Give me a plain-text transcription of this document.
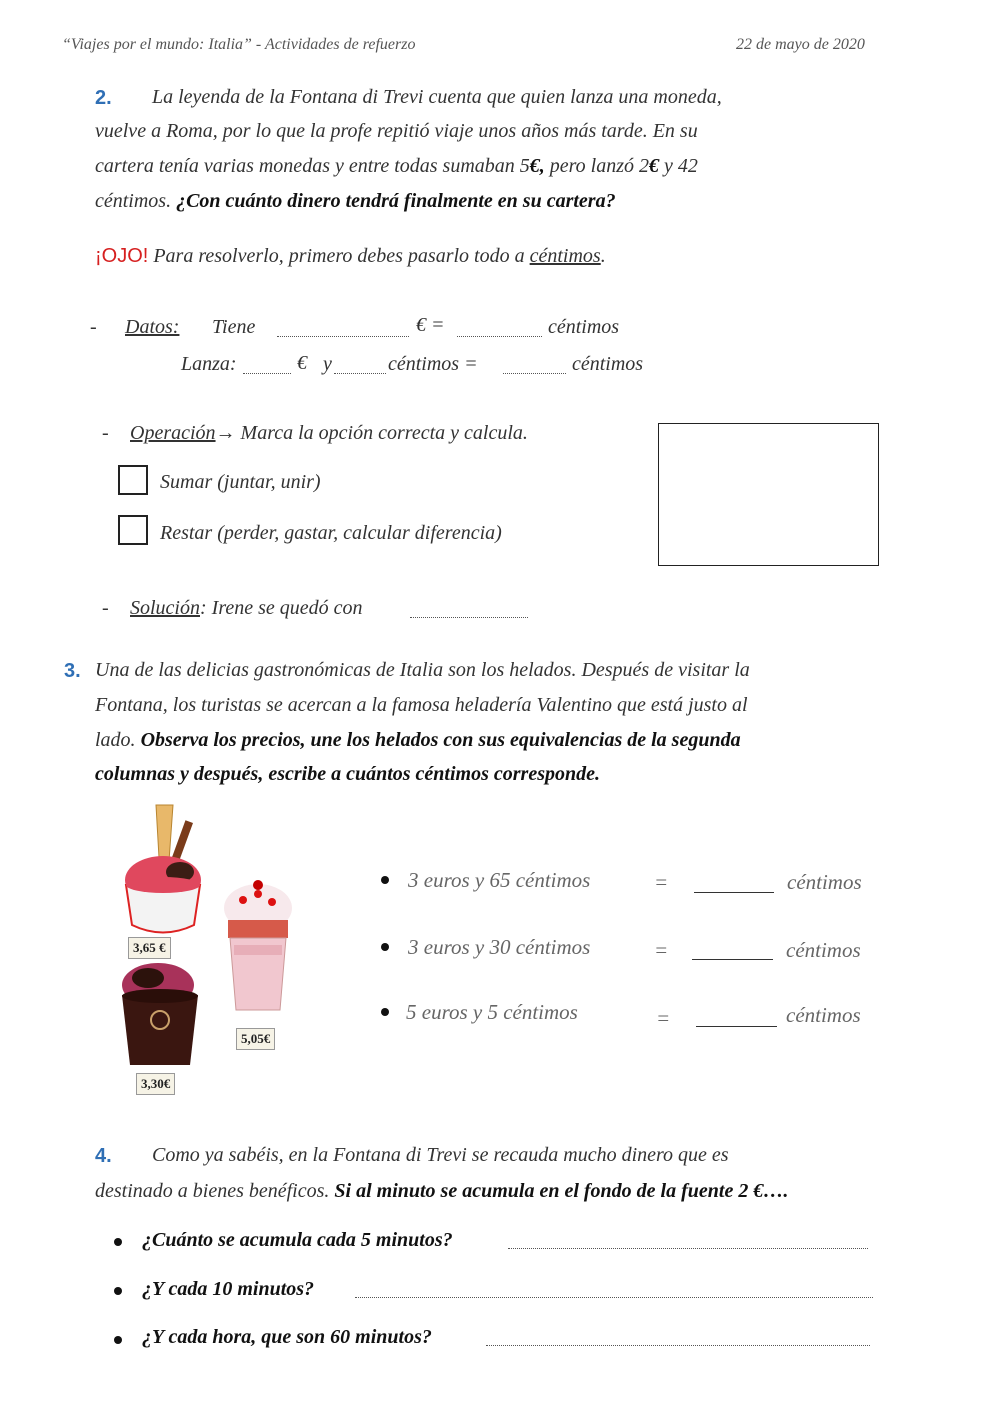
“Viajes por el mundo: Italia” - Actividades de refuerzo	22 de mayo de 2020
2. La leyenda de la Fontana di Trevi cuenta que quien lanza una moneda,
vuelve a Roma, por lo que la profe repitió viaje unos años más tarde. En su
cartera tenía varias monedas y entre todas sumaban 5€, pero lanzó 2€ y 42
céntimos. ¿Con cuánto dinero tendrá finalmente en su cartera?
¡OJO! Para resolverlo, primero debes pasarlo todo a céntimos.
- Datos: Tiene	€ =	céntimos
Lanza:	€ y	céntimos =	céntimos
- Operación→ Marca la opción correcta y calcula.
Sumar (juntar, unir)
Restar (perder, gastar, calcular diferencia)
- Solución: Irene se quedó con
3. Una de las delicias gastronómicas de Italia son los helados. Después de visitar la
Fontana, los turistas se acercan a la famosa heladería Valentino que está justo al
lado. Observa los precios, une los helados con sus equivalencias de la segunda
columnas y después, escribe a cuántos céntimos corresponde.
3,65 €
5,05€
3,30€
3 euros y 65 céntimos	=	céntimos
3 euros y 30 céntimos	=	céntimos
5 euros y 5 céntimos	=	céntimos
4. Como ya sabéis, en la Fontana di Trevi se recauda mucho dinero que es
destinado a bienes benéficos. Si al minuto se acumula en el fondo de la fuente 2 €….
¿Cuánto se acumula cada 5 minutos?
¿Y cada 10 minutos?
¿Y cada hora, que son 60 minutos?
